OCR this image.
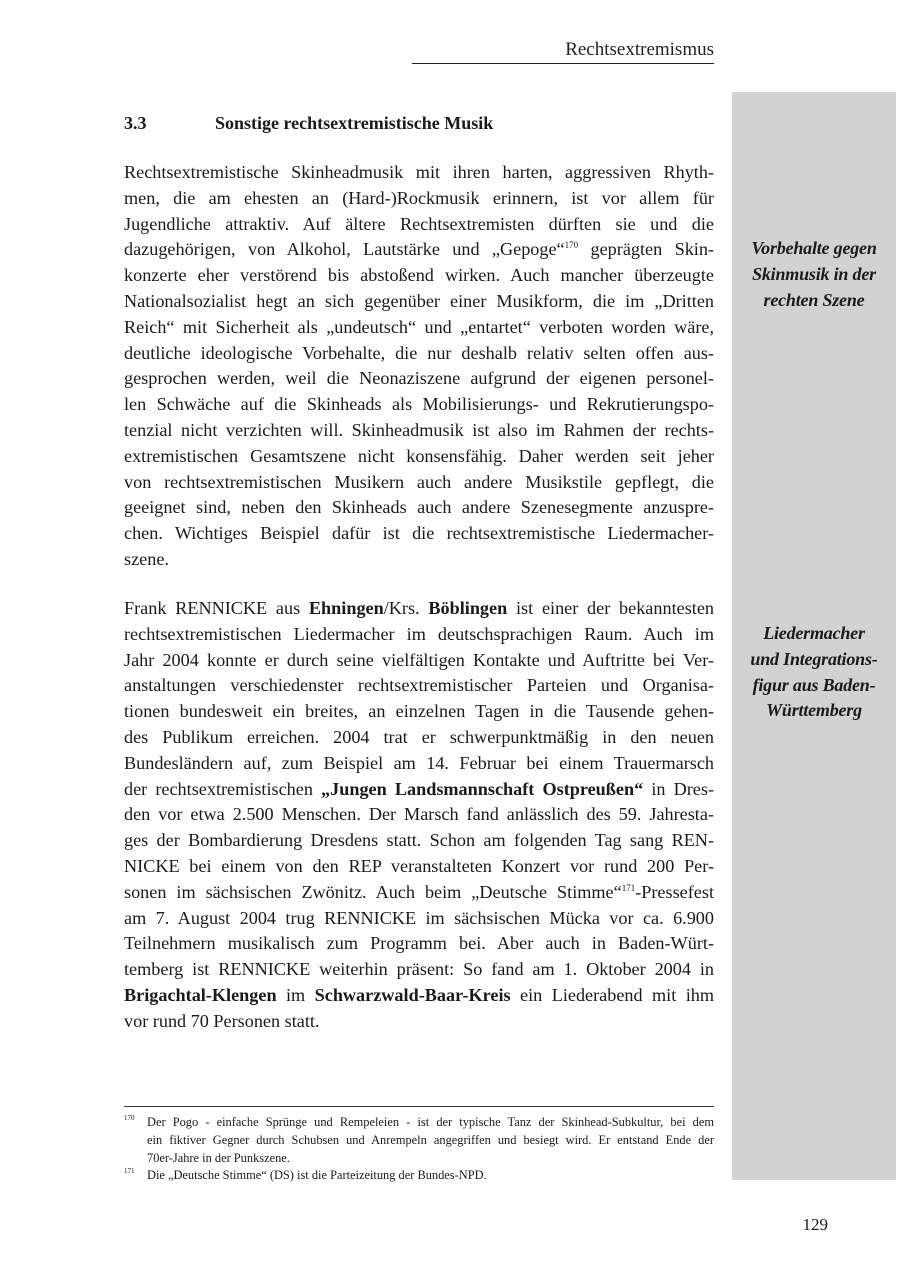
Rechtsextremismus
Vorbehalte gegen
Skinmusik in der
rechten Szene
Liedermacher
und Integrations-
figur aus Baden-
Württemberg
3.3	Sonstige rechtsextremistische Musik
Rechtsextremistische Skinheadmusik mit ihren harten, aggressiven Rhyth-
men, die am ehesten an (Hard-)Rockmusik erinnern, ist vor allem für
Jugendliche attraktiv. Auf ältere Rechtsextremisten dürften sie und die
dazugehörigen, von Alkohol, Lautstärke und „Gepoge“$^{170}$ geprägten Skin-
konzerte eher verstörend bis abstoßend wirken. Auch mancher überzeugte
Nationalsozialist hegt an sich gegenüber einer Musikform, die im „Dritten
Reich“ mit Sicherheit als „undeutsch“ und „entartet“ verboten worden wäre,
deutliche ideologische Vorbehalte, die nur deshalb relativ selten offen aus-
gesprochen werden, weil die Neonaziszene aufgrund der eigenen personel-
len Schwäche auf die Skinheads als Mobilisierungs- und Rekrutierungspo-
tenzial nicht verzichten will. Skinheadmusik ist also im Rahmen der rechts-
extremistischen Gesamtszene nicht konsensfähig. Daher werden seit jeher
von rechtsextremistischen Musikern auch andere Musikstile gepflegt, die
geeignet sind, neben den Skinheads auch andere Szenesegmente anzuspre-
chen. Wichtiges Beispiel dafür ist die rechtsextremistische Liedermacher-
szene.
Frank RENNICKE aus Ehningen/Krs. Böblingen ist einer der bekanntesten
rechtsextremistischen Liedermacher im deutschsprachigen Raum. Auch im
Jahr 2004 konnte er durch seine vielfältigen Kontakte und Auftritte bei Ver-
anstaltungen verschiedenster rechtsextremistischer Parteien und Organisa-
tionen bundesweit ein breites, an einzelnen Tagen in die Tausende gehen-
des Publikum erreichen. 2004 trat er schwerpunktmäßig in den neuen
Bundesländern auf, zum Beispiel am 14. Februar bei einem Trauermarsch
der rechtsextremistischen „Jungen Landsmannschaft Ostpreußen“ in Dres-
den vor etwa 2.500 Menschen. Der Marsch fand anlässlich des 59. Jahresta-
ges der Bombardierung Dresdens statt. Schon am folgenden Tag sang REN-
NICKE bei einem von den REP veranstalteten Konzert vor rund 200 Per-
sonen im sächsischen Zwönitz. Auch beim „Deutsche Stimme“$^{171}$-Pressefest
am 7. August 2004 trug RENNICKE im sächsischen Mücka vor ca. 6.900
Teilnehmern musikalisch zum Programm bei. Aber auch in Baden-Würt-
temberg ist RENNICKE weiterhin präsent: So fand am 1. Oktober 2004 in
Brigachtal-Klengen im Schwarzwald-Baar-Kreis ein Liederabend mit ihm
vor rund 70 Personen statt.
170 Der Pogo - einfache Sprünge und Rempeleien - ist der typische Tanz der Skinhead-Subkultur, bei dem
ein fiktiver Gegner durch Schubsen und Anrempeln angegriffen und besiegt wird. Er entstand Ende der
70er-Jahre in der Punkszene.
171 Die „Deutsche Stimme“ (DS) ist die Parteizeitung der Bundes-NPD.
129
